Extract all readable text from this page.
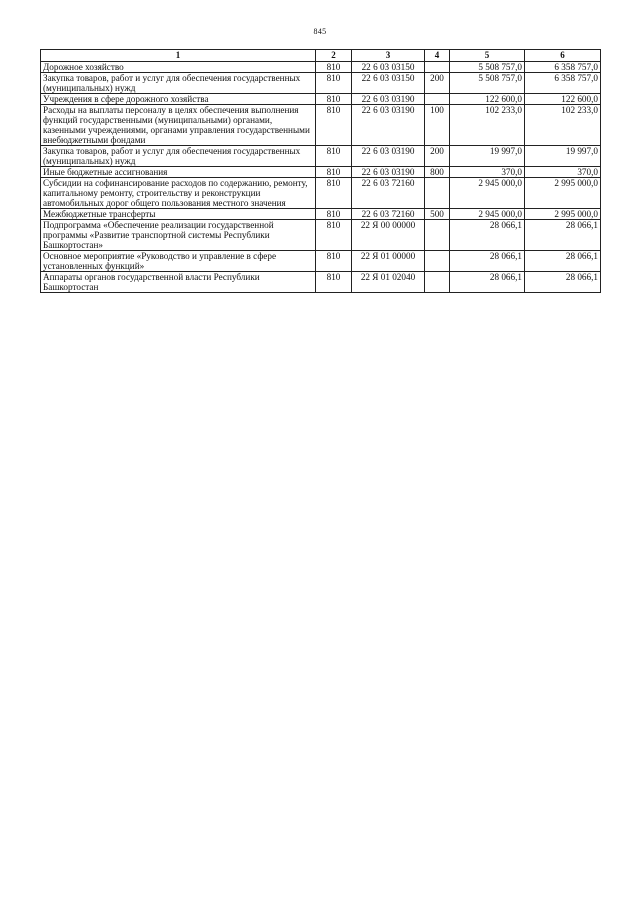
845
1	2	3	4	5	6
Дорожное хозяйство	810	22 6 03 03150		5 508 757,0	6 358 757,0
Закупка товаров, работ и услуг для обеспечения государственных (муниципальных) нужд	810	22 6 03 03150	200	5 508 757,0	6 358 757,0
Учреждения в сфере дорожного хозяйства	810	22 6 03 03190		122 600,0	122 600,0
Расходы на выплаты персоналу в целях обеспечения выполнения функций государственными (муниципальными) органами, казенными учреждениями, органами управления государственными внебюджетными фондами	810	22 6 03 03190	100	102 233,0	102 233,0
Закупка товаров, работ и услуг для обеспечения государственных (муниципальных) нужд	810	22 6 03 03190	200	19 997,0	19 997,0
Иные бюджетные ассигнования	810	22 6 03 03190	800	370,0	370,0
Субсидии на софинансирование расходов по содержанию, ремонту, капитальному ремонту, строительству и реконструкции автомобильных дорог общего пользования местного значения	810	22 6 03 72160		2 945 000,0	2 995 000,0
Межбюджетные трансферты	810	22 6 03 72160	500	2 945 000,0	2 995 000,0
Подпрограмма «Обеспечение реализации государственной программы «Развитие транспортной системы Республики Башкортостан»	810	22 Я 00 00000		28 066,1	28 066,1
Основное мероприятие «Руководство и управление в сфере установленных функций»	810	22 Я 01 00000		28 066,1	28 066,1
Аппараты органов государственной власти Республики Башкортостан	810	22 Я 01 02040		28 066,1	28 066,1
